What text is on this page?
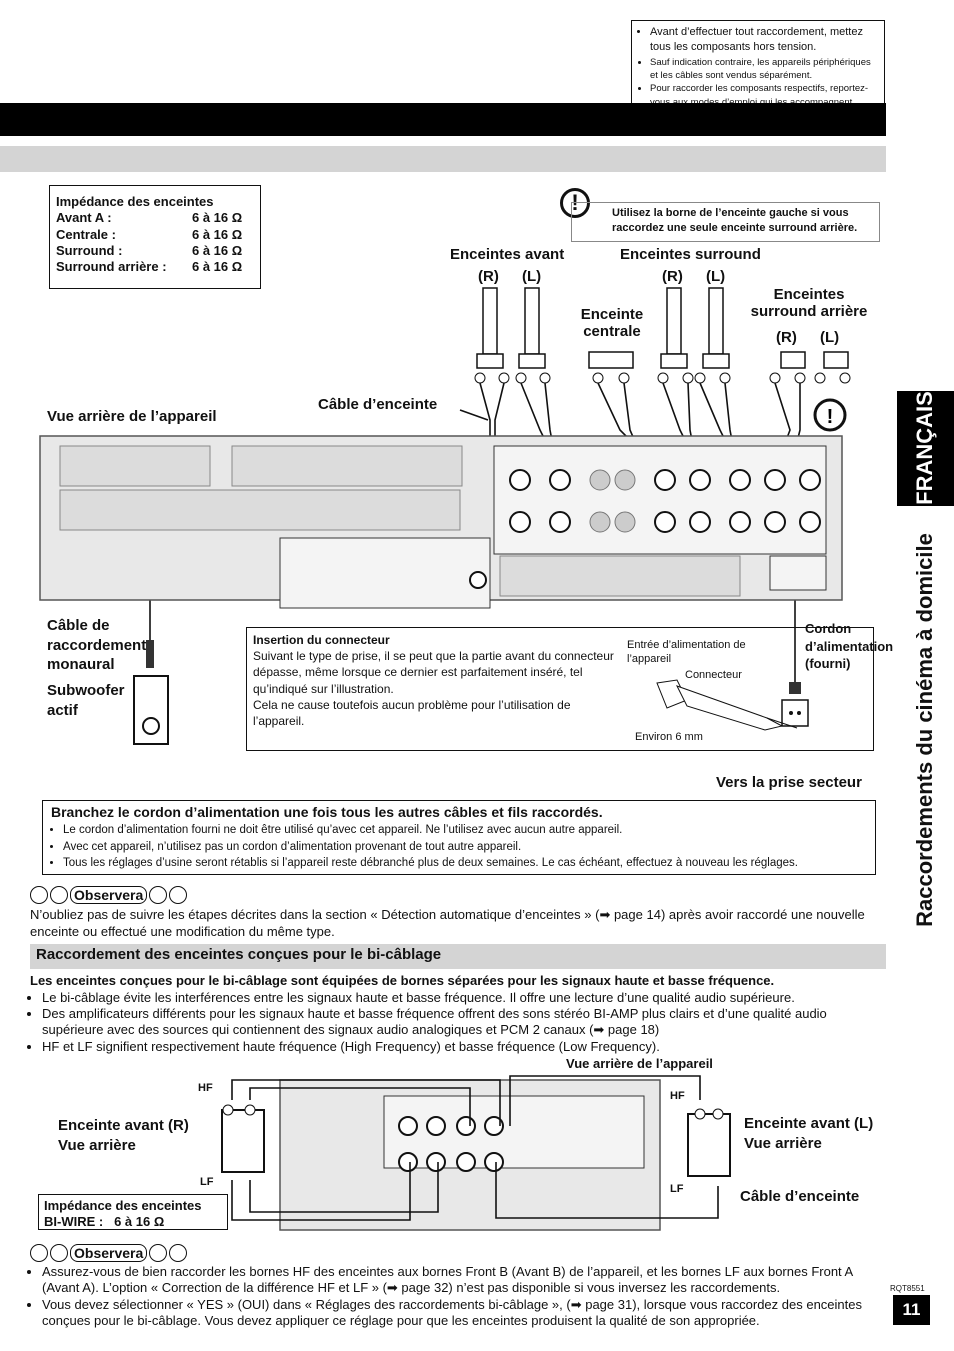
• Avant d’effectuer tout raccordement, mettez tous les composants hors tension.
• Sauf indication contraire, les appareils périphériques et les câbles sont vendus séparément.
• Pour raccorder les composants respectifs, reportez-
Impédance des enceintes
Avant A :	6 à 16 Ω
Centrale :	6 à 16 Ω
Surround :	6 à 16 Ω
Surround arrière :	6 à 16 Ω
!	Utilisez la borne de l’enceinte gauche si vous raccordez une seule enceinte surround arrière.
Enceintes avant
(R) (L)
Enceintes surround
(R) (L)
Enceinte centrale
Enceintes surround arrière
(R) (L)
Câble d’enceinte
Vue arrière de l’appareil
Câble de raccordement monaural
Subwoofer actif
Cordon d’alimentation (fourni)
Vers la prise secteur
!
Insertion du connecteur
Suivant le type de prise, il se peut que la partie avant du connecteur dépasse, même lorsque ce dernier est parfaitement inséré, tel qu’indiqué sur l’illustration.
Cela ne cause toutefois aucun problème pour l’utilisation de l’appareil.
Entrée d’alimentation de l’appareil
Connecteur
Environ 6 mm
Branchez le cordon d’alimentation une fois tous les autres câbles et fils raccordés.
• Le cordon d’alimentation fourni ne doit être utilisé qu’avec cet appareil. Ne l’utilisez avec aucun autre appareil.
• Avec cet appareil, n’utilisez pas un cordon d’alimentation provenant de tout autre appareil.
• Tous les réglages d’usine seront rétablis si l’appareil reste débranché plus de deux semaines. Le cas échéant, effectuez à nouveau les réglages.
Observera
N’oubliez pas de suivre les étapes décrites dans la section « Détection automatique d’enceintes » (➡ page 14) après avoir raccordé une nouvelle enceinte ou effectué une modification du même type.
Raccordement des enceintes conçues pour le bi-câblage
Les enceintes conçues pour le bi-câblage sont équipées de bornes séparées pour les signaux haute et basse fréquence.
• Le bi-câblage évite les interférences entre les signaux haute et basse fréquence. Il offre une lecture d’une qualité audio supérieure.
• Des amplificateurs différents pour les signaux haute et basse fréquence offrent des sons stéréo BI-AMP plus clairs et d’une qualité audio supérieure avec des sources qui contiennent des signaux audio analogiques et PCM 2 canaux (➡ page 18)
• HF et LF signifient respectivement haute fréquence (High Frequency) et basse fréquence (Low Frequency).
Vue arrière de l’appareil
Enceinte avant (R) Vue arrière
Enceinte avant (L) Vue arrière
Câble d’enceinte
HF
LF
HF
LF
Impédance des enceintes
BI-WIRE : 6 à 16 Ω
Observera
• Assurez-vous de bien raccorder les bornes HF des enceintes aux bornes Front B (Avant B) de l’appareil, et les bornes LF aux bornes Front A (Avant A). L’option « Correction de la différence HF et LF » (➡ page 32) n’est pas disponible si vous inversez les raccordements.
• Vous devez sélectionner « YES » (OUI) dans « Réglages des raccordements bi-câblage », (➡ page 31), lorsque vous raccordez des enceintes conçues pour le bi-câblage. Vous devez appliquer ce réglage pour que les enceintes produisent la qualité de son appropriée.
FRANÇAIS
Raccordements du cinéma à domicile
RQT8551
11
